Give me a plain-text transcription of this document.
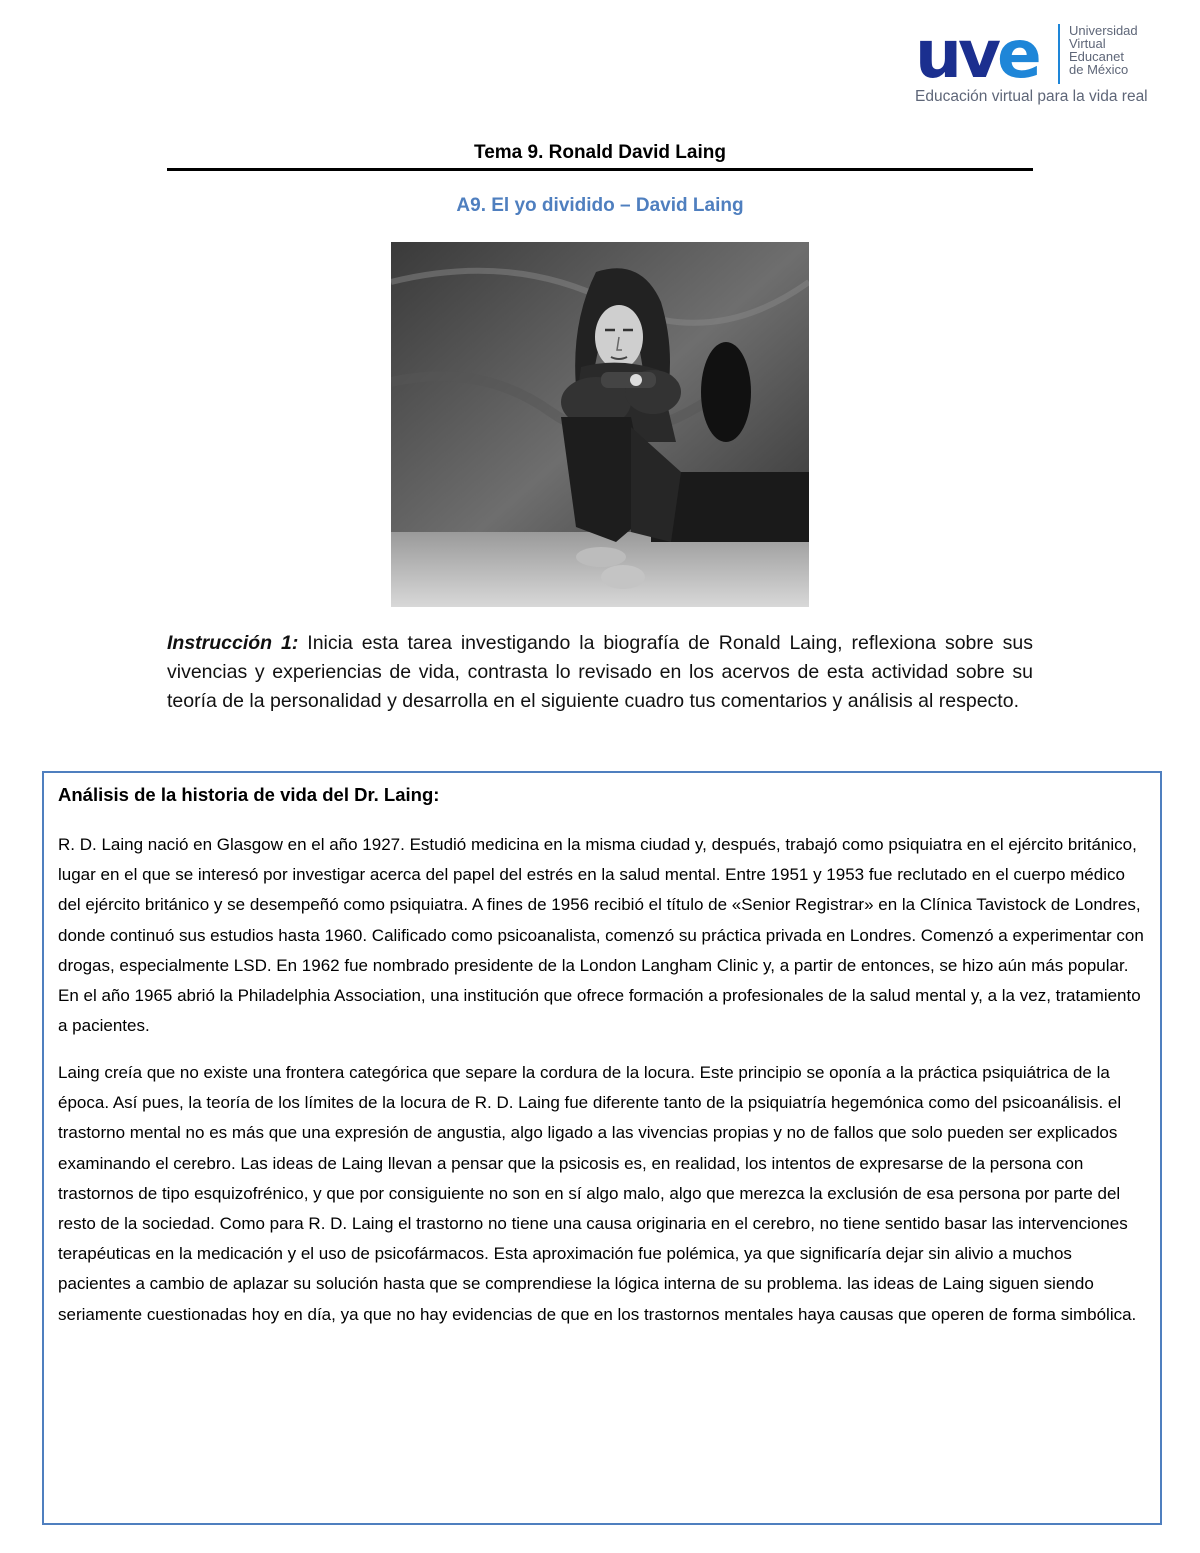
uve Universidad
Virtual
Educanet
de México
Educación virtual para la vida real
Tema 9. Ronald David Laing
A9. El yo dividido – David Laing
Instrucción 1: Inicia esta tarea investigando la biografía de Ronald Laing, reflexiona sobre sus vivencias y experiencias de vida, contrasta lo revisado en los acervos de esta actividad sobre su teoría de la personalidad y desarrolla en el siguiente cuadro tus comentarios y análisis al respecto.
Análisis de la historia de vida del Dr. Laing:
R. D. Laing nació en Glasgow en el año 1927. Estudió medicina en la misma ciudad y, después, trabajó como psiquiatra en el ejército británico, lugar en el que se interesó por investigar acerca del papel del estrés en la salud mental. Entre 1951 y 1953 fue reclutado en el cuerpo médico del ejército británico y se desempeñó como psiquiatra. A fines de 1956 recibió el título de «Senior Registrar» en la Clínica Tavistock de Londres, donde continuó sus estudios hasta 1960. Calificado como psicoanalista, comenzó su práctica privada en Londres. Comenzó a experimentar con drogas, especialmente LSD. En 1962 fue nombrado presidente de la London Langham Clinic y, a partir de entonces, se hizo aún más popular. En el año 1965 abrió la Philadelphia Association, una institución que ofrece formación a profesionales de la salud mental y, a la vez, tratamiento a pacientes.
Laing creía que no existe una frontera categórica que separe la cordura de la locura. Este principio se oponía a la práctica psiquiátrica de la época. Así pues, la teoría de los límites de la locura de R. D. Laing fue diferente tanto de la psiquiatría hegemónica como del psicoanálisis. el trastorno mental no es más que una expresión de angustia, algo ligado a las vivencias propias y no de fallos que solo pueden ser explicados examinando el cerebro. Las ideas de Laing llevan a pensar que la psicosis es, en realidad, los intentos de expresarse de la persona con trastornos de tipo esquizofrénico, y que por consiguiente no son en sí algo malo, algo que merezca la exclusión de esa persona por parte del resto de la sociedad. Como para R. D. Laing el trastorno no tiene una causa originaria en el cerebro, no tiene sentido basar las intervenciones terapéuticas en la medicación y el uso de psicofármacos. Esta aproximación fue polémica, ya que significaría dejar sin alivio a muchos pacientes a cambio de aplazar su solución hasta que se comprendiese la lógica interna de su problema. las ideas de Laing siguen siendo seriamente cuestionadas hoy en día, ya que no hay evidencias de que en los trastornos mentales haya causas que operen de forma simbólica.
